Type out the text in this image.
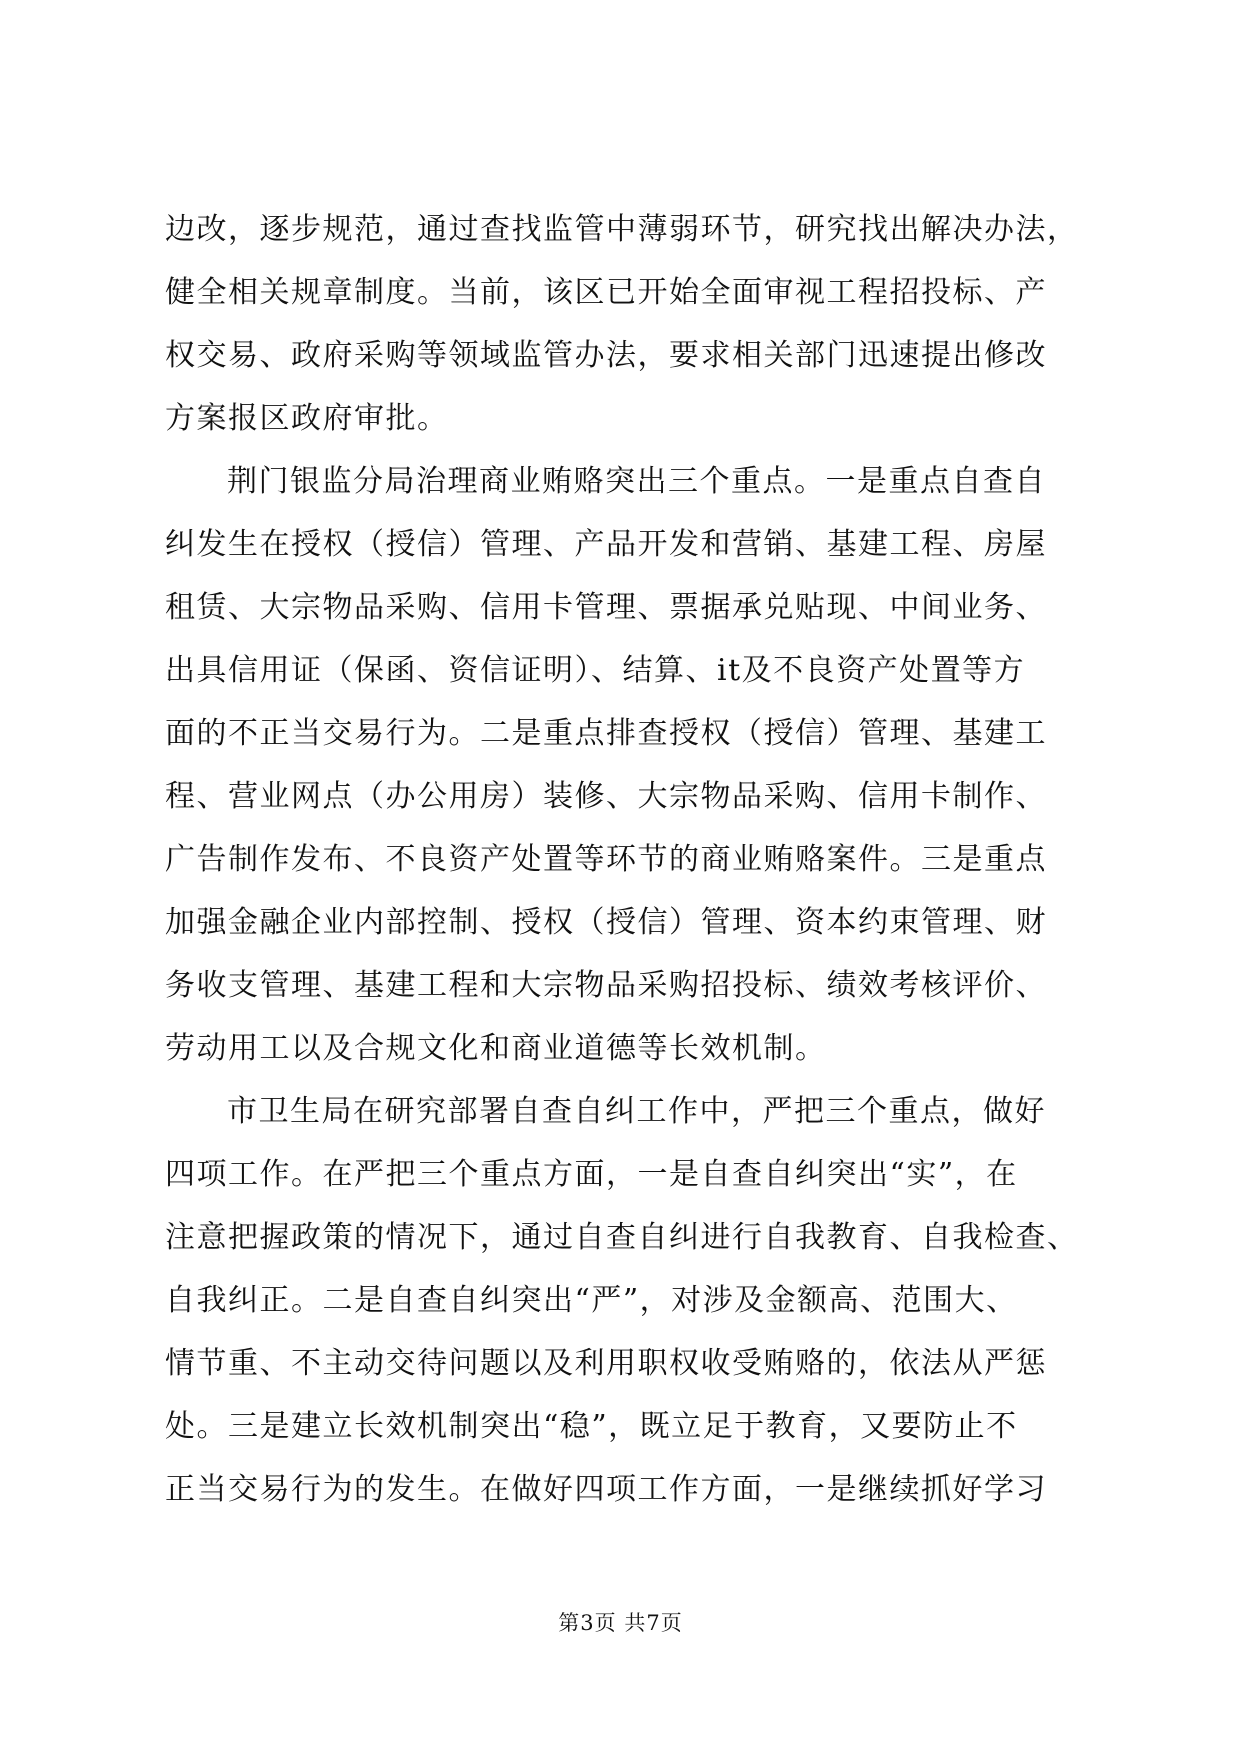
边改，逐步规范，通过查找监管中薄弱环节，研究找出解决办法，
健全相关规章制度。当前，该区已开始全面审视工程招投标、产
权交易、政府采购等领域监管办法，要求相关部门迅速提出修改
方案报区政府审批。
荆门银监分局治理商业贿赂突出三个重点。一是重点自查自
纠发生在授权（授信）管理、产品开发和营销、基建工程、房屋
租赁、大宗物品采购、信用卡管理、票据承兑贴现、中间业务、
出具信用证（保函、资信证明）、结算、it及不良资产处置等方
面的不正当交易行为。二是重点排查授权（授信）管理、基建工
程、营业网点（办公用房）装修、大宗物品采购、信用卡制作、
广告制作发布、不良资产处置等环节的商业贿赂案件。三是重点
加强金融企业内部控制、授权（授信）管理、资本约束管理、财
务收支管理、基建工程和大宗物品采购招投标、绩效考核评价、
劳动用工以及合规文化和商业道德等长效机制。
市卫生局在研究部署自查自纠工作中，严把三个重点，做好
四项工作。在严把三个重点方面，一是自查自纠突出“实”，在
注意把握政策的情况下，通过自查自纠进行自我教育、自我检查、
自我纠正。二是自查自纠突出“严”，对涉及金额高、范围大、
情节重、不主动交待问题以及利用职权收受贿赂的，依法从严惩
处。三是建立长效机制突出“稳”，既立足于教育，又要防止不
正当交易行为的发生。在做好四项工作方面，一是继续抓好学习
第3页 共7页
